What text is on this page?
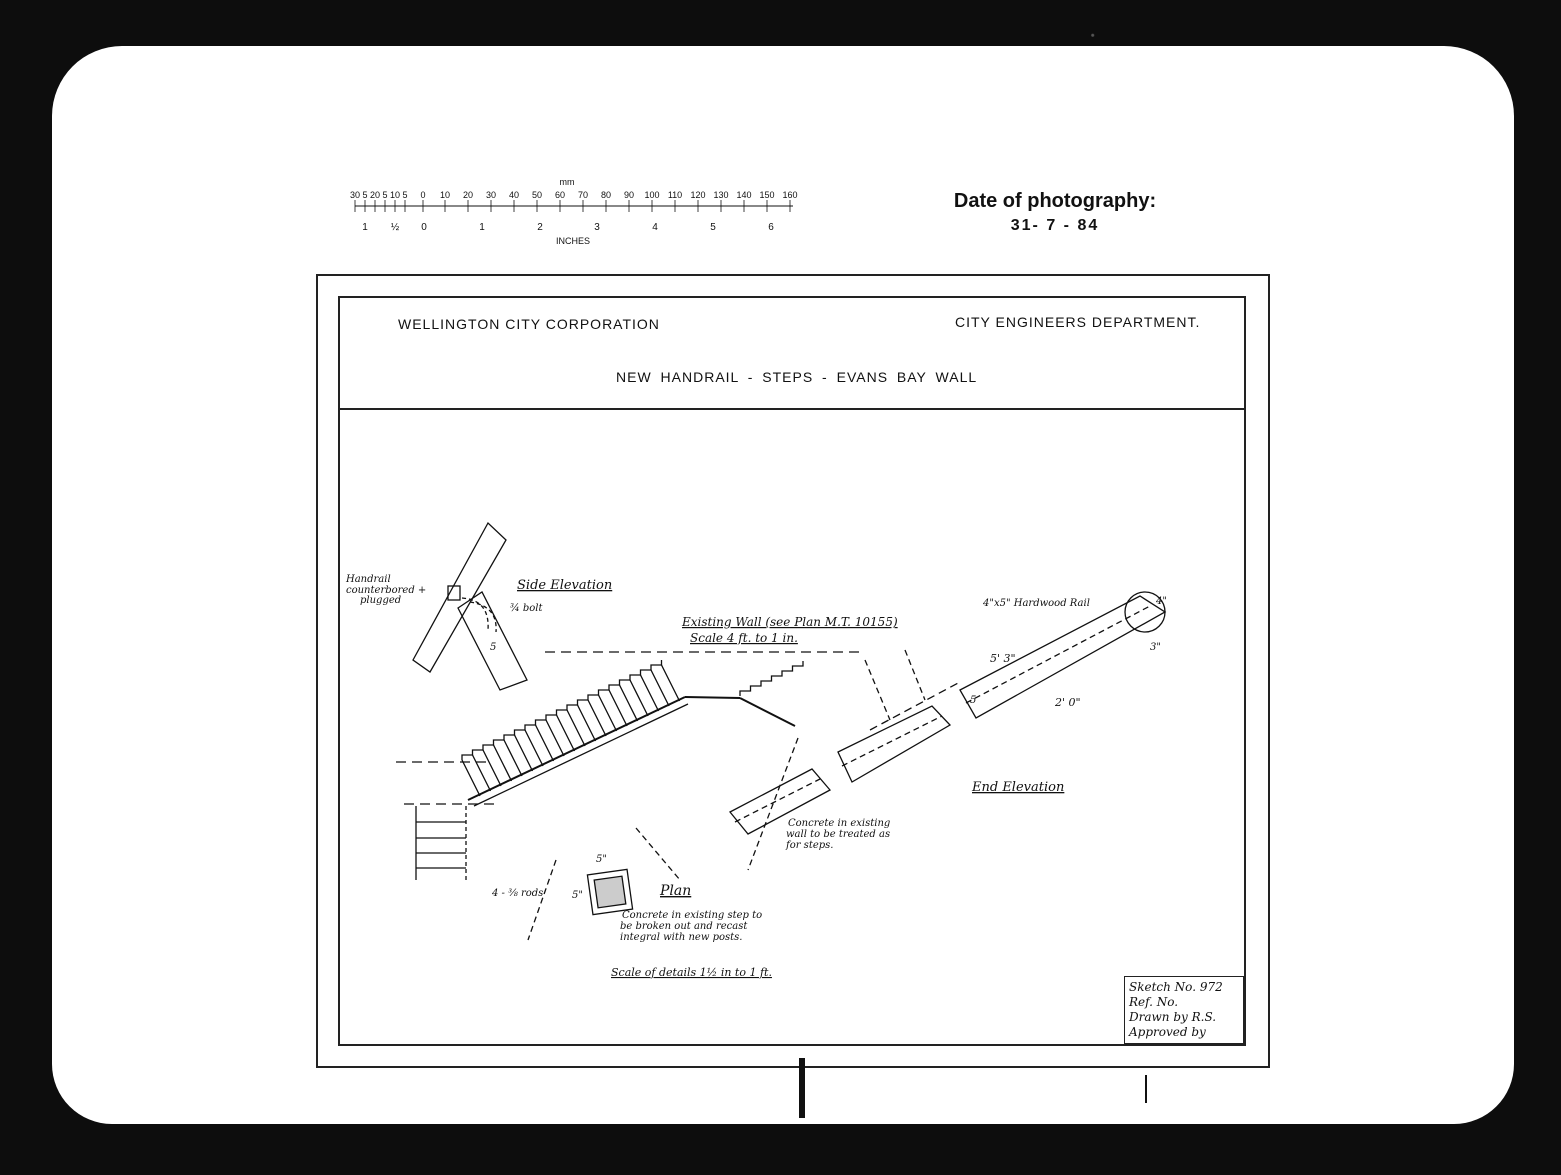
mm
30 5 20 5 10 5 0 10 20 30 40 50 60 70 80 90 100 110 120 130 140 150 160
1 ½ 0	1	2	3	4	5	6
INCHES
Date of photography:
31- 7 - 84
WELLINGTON CITY CORPORATION	CITY ENGINEERS DEPARTMENT.
NEW HANDRAIL - STEPS - EVANS BAY WALL
Handrail
counterbored +
plugged
Side Elevation
¾ bolt
5
Existing Wall (see Plan M.T. 10155)
Scale 4 ft. to 1 in.
4"x5" Hardwood Rail	4"
3"
5' 3"
2' 0"
5
End Elevation
Concrete in existing
wall to be treated as
for steps.
5"
5"
4 - ⅜ rods	Plan
Concrete in existing step to
be broken out and recast
integral with new posts.
Scale of details 1½ in to 1 ft.
Sketch No. 972
Ref. No.
Drawn by R.S.
Approved by
